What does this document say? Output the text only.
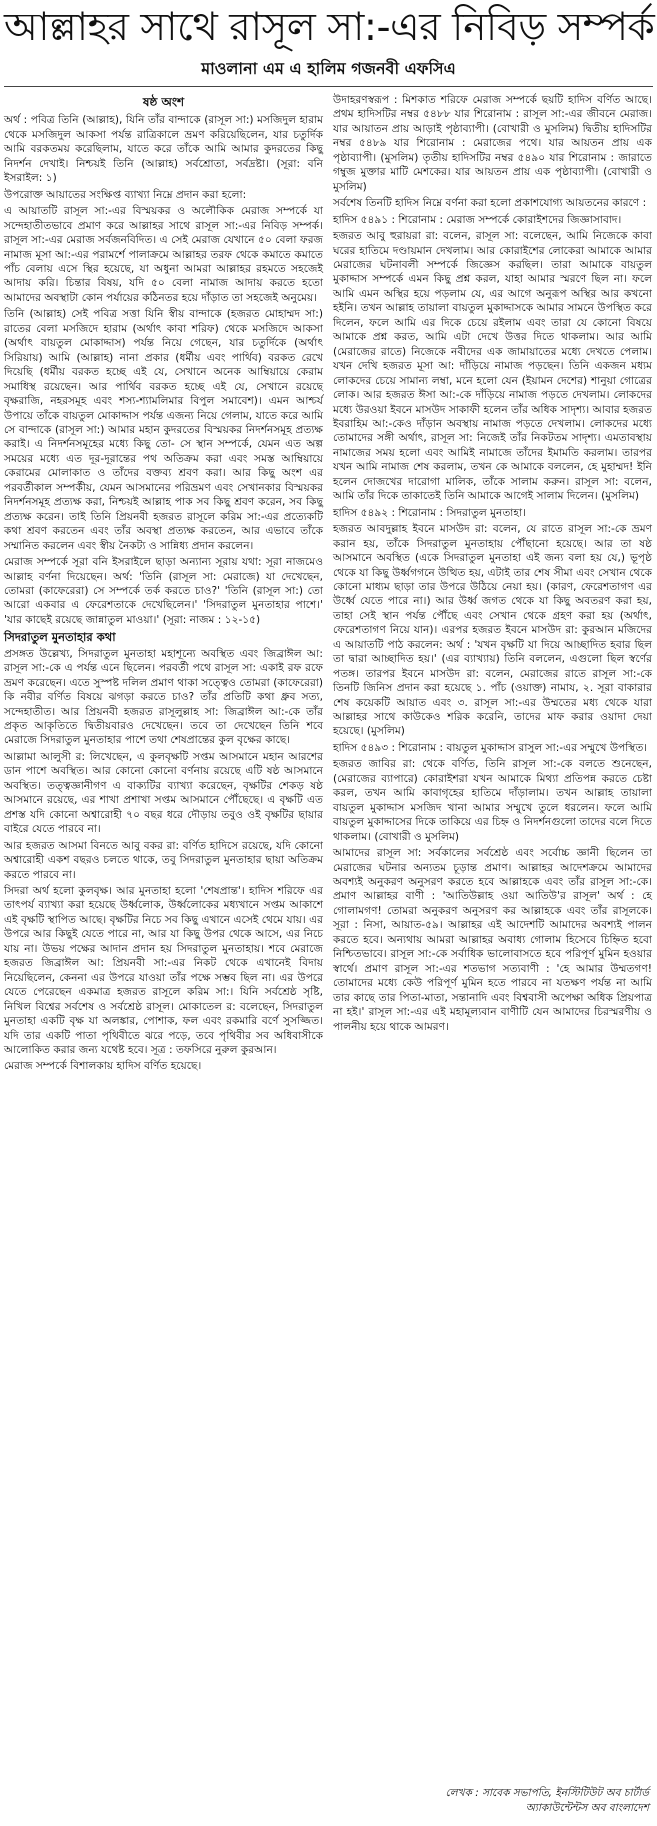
আল্লাহর সাথে রাসূল সা:-এর নিবিড় সম্পর্ক
মাওলানা এম এ হালিম গজনবী এফসিএ
ষষ্ঠ অংশ

অর্থ : পবিত্র তিনি (আল্লাহ), যিনি তাঁর বান্দাকে (রাসূল সা:) মসজিদুল হারাম থেকে মসজিদুল আকসা পর্যন্ত রাত্রিকালে ভ্রমণ করিয়েছিলেন, যার চতুর্দিক আমি বরকতময় করেছিলাম, যাতে করে তাঁকে আমি আমার কুদরতের কিছু নিদর্শন দেখাই। নিশ্চয়ই তিনি (আল্লাহ) সর্বশ্রোতা, সর্বদ্রষ্টা। (সূরা: বনি ইসরাইল: ১)

উপরোক্ত আয়াতের সংক্ষিপ্ত ব্যাখ্যা নিম্নে প্রদান করা হলো:

এ আয়াতটি রাসূল সা:-এর বিস্ময়কর ও অলৌকিক মেরাজ সম্পর্কে যা সন্দেহাতীতভাবে প্রমাণ করে আল্লাহর সাথে রাসূল সা:-এর নিবিড় সম্পর্ক। রাসূল সা:-এর মেরাজ সর্বজনবিদিত। এ সেই মেরাজ যেখানে ৫০ বেলা ফরজ নামাজ মূসা আ:-এর পরামর্শে পালাক্রমে আল্লাহর তরফ থেকে কমাতে কমাতে পাঁচ বেলায় এসে স্থির হয়েছে, যা অধুনা আমরা আল্লাহর রহমতে সহজেই আদায় করি। চিন্তার বিষয়, যদি ৫০ বেলা নামাজ আদায় করতে হতো আমাদের অবস্থাটা কোন পর্যায়ের কঠিনতর হয়ে দাঁড়াত তা সহজেই অনুমেয়।

তিনি (আল্লাহ) সেই পবিত্র সত্তা যিনি স্বীয় বান্দাকে (হজরত মোহাম্মদ সা:) রাতের বেলা মসজিদে হারাম (অর্থাৎ কাবা শরিফ) থেকে মসজিদে আকসা (অর্থাৎ বায়তুল মোকাদ্দাস) পর্যন্ত নিয়ে গেছেন, যার চতুর্দিকে (অর্থাৎ সিরিয়ায়) আমি (আল্লাহ) নানা প্রকার (ধর্মীয় এবং পার্থিব) বরকত রেখে দিয়েছি (ধর্মীয় বরকত হচ্ছে এই যে, সেখানে অনেক আম্বিয়ায়ে কেরাম সমাধিস্থ রয়েছেন। আর পার্থিব বরকত হচ্ছে এই যে, সেখানে রয়েছে বৃক্ষরাজি, নহরসমূহ এবং শস্য-শ্যামলিমার বিপুল সমাবেশ)। এমন আশ্চর্য উপায়ে তাঁকে বায়তুল মোকাদ্দাস পর্যন্ত এজন্য নিয়ে গেলাম, যাতে করে আমি সে বান্দাকে (রাসূল সা:) আমার মহান কুদরতের বিস্ময়কর নিদর্শনসমূহ প্রত্যক্ষ করাই। এ নিদর্শনসমূহের মধ্যে কিছু তো- সে স্থান সম্পর্কে, যেমন এত অল্প সময়ের মধ্যে এত দূর-দূরান্তের পথ অতিক্রম করা এবং সমস্ত আম্বিয়ায়ে কেরামের মোলাকাত ও তাঁদের বক্তব্য শ্রবণ করা। আর কিছু অংশ এর পরবর্তীকাল সম্পর্কীয়, যেমন আসমানের পরিভ্রমণ এবং সেখানকার বিস্ময়কর নিদর্শনসমূহ প্রত্যক্ষ করা, নিশ্চয়ই আল্লাহ পাক সব কিছু শ্রবণ করেন, সব কিছু প্রত্যক্ষ করেন। তাই তিনি প্রিয়নবী হজরত রাসূলে করিম সা:-এর প্রত্যেকটি কথা শ্রবণ করতেন এবং তাঁর অবস্থা প্রত্যক্ষ করতেন, আর এভাবে তাঁকে সম্মানিত করলেন এবং স্বীয় নৈকট্য ও সান্নিধ্য প্রদান করলেন।

মেরাজ সম্পর্কে সূরা বনি ইসরাইলে ছাড়া অন্যান্য সূরায় যথা: সূরা নাজমেও আল্লাহ বর্ণনা দিয়েছেন। অর্থ: 'তিনি (রাসূল সা: মেরাজে) যা দেখেছেন, তোমরা (কাফেরেরা) সে সম্পর্কে তর্ক করতে চাও?' 'তিনি (রাসূল সা:) তো আরো একবার এ ফেরেশতাকে দেখেছিলেন।' 'সিদরাতুল মুনতাহার পাশে।' 'যার কাছেই রয়েছে জান্নাতুল মাওয়া।' (সূরা: নাজম : ১২-১৫)

সিদরাতুল মুনতাহার কথা

প্রসঙ্গত উল্লেখ্য, সিদরাতুল মুনতাহা মহাশূন্যে অবস্থিত এবং জিব্রাঈল আ: রাসূল সা:-কে এ পর্যন্ত এনে ছিলেন। পরবর্তী পথে রাসূল সা: একাই রফ রফে ভ্রমণ করেছেন। এতে সুস্পষ্ট দলিল প্রমাণ থাকা সত্ত্বেও তোমরা (কাফেরেরা) কি নবীর বর্ণিত বিষয়ে ঝগড়া করতে চাও? তাঁর প্রতিটি কথা ধ্রুব সত্য, সন্দেহাতীত। আর প্রিয়নবী হজরত রাসূলুল্লাহ সা: জিব্রাঈল আ:-কে তাঁর প্রকৃত আকৃতিতে দ্বিতীয়বারও দেখেছেন। তবে তা দেখেছেন তিনি শবে মেরাজে সিদরাতুল মুনতাহার পাশে তথা শেষপ্রান্তের কুল বৃক্ষের কাছে।

আল্লামা আলুসী র: লিখেছেন, এ কুলবৃক্ষটি সপ্তম আসমানে মহান আরশের ডান পাশে অবস্থিত। আর কোনো কোনো বর্ণনায় রয়েছে এটি ষষ্ঠ আসমানে অবস্থিত। তত্ত্বজ্ঞানীগণ এ বাক্যটির ব্যাখ্যা করেছেন, বৃক্ষটির শেকড় ষষ্ঠ আসমানে রয়েছে, এর শাখা প্রশাখা সপ্তম আসমানে পৌঁছেছে। এ বৃক্ষটি এত প্রশস্ত যদি কোনো অশ্বারোহী ৭০ বছর ধরে দৌড়ায় তবুও ওই বৃক্ষটির ছায়ার বাইরে যেতে পারবে না।

আর হজরত আসমা বিনতে আবু বকর রা: বর্ণিত হাদিসে রয়েছে, যদি কোনো অশ্বারোহী একশ বছরও চলতে থাকে, তবু সিদরাতুল মুনতাহার ছায়া অতিক্রম করতে পারবে না।

সিদরা অর্থ হলো কুলবৃক্ষ। আর মুনতাহা হলো 'শেষপ্রান্ত'। হাদিস শরিফে এর তাৎপর্য ব্যাখ্যা করা হয়েছে উর্ধ্বলোক, উর্ধ্বলোকের মধ্যখানে সপ্তম আকাশে এই বৃক্ষটি স্থাপিত আছে। বৃক্ষটির নিচে সব কিছু এখানে এসেই থেমে যায়। এর উপরে আর কিছুই যেতে পারে না, আর যা কিছু উপর থেকে আসে, এর নিচে যায় না। উভয় পক্ষের আদান প্রদান হয় সিদরাতুল মুনতাহায়। শবে মেরাজে হজরত জিব্রাঈল আ: প্রিয়নবী সা:-এর নিকট থেকে এখানেই বিদায় নিয়েছিলেন, কেননা এর উপরে যাওয়া তাঁর পক্ষে সম্ভব ছিল না। এর উপরে যেতে পেরেছেন একমাত্র হজরত রাসূলে করিম সা:। যিনি সর্বশ্রেষ্ঠ সৃষ্টি, নিখিল বিশ্বের সর্বশেষ ও সর্বশ্রেষ্ঠ রাসূল। মোকাতেল র: বলেছেন, সিদরাতুল মুনতাহা একটি বৃক্ষ যা অলঙ্কার, পোশাক, ফল এবং রকমারি বর্ণে সুসজ্জিত। যদি তার একটি পাতা পৃথিবীতে ঝরে পড়ে, তবে পৃথিবীর সব অধিবাসীকে আলোকিত করার জন্য যথেষ্ট হবে। সূত্র : তফসিরে নুরুল কুরআন।

মেরাজ সম্পর্কে বিশালকায় হাদিস বর্ণিত হয়েছে।

উদাহরণস্বরূপ : মিশকাত শরিফে মেরাজ সম্পর্কে ছয়টি হাদিস বর্ণিত আছে। প্রথম হাদিসটির নম্বর ৫৪৮৮ যার শিরোনাম : রাসূল সা:-এর জীবনে মেরাজ। যার আয়াতন প্রায় আড়াই পৃষ্ঠাব্যাপী। (বোখারী ও মুসলিম) দ্বিতীয় হাদিসটির নম্বর ৫৪৮৯ যার শিরোনাম : মেরাজের পথে। যার আয়তন প্রায় এক পৃষ্ঠাব্যাপী। (মুসলিম) তৃতীয় হাদিসটির নম্বর ৫৪৯০ যার শিরোনাম : জারাতে গম্বুজ মুক্তার মাটি মেশকের। যার আয়তন প্রায় এক পৃষ্ঠাব্যাপী। (বোখারী ও মুসলিম)

সর্বশেষ তিনটি হাদিস নিম্নে বর্ণনা করা হলো প্রকাশযোগ্য আয়তনের কারণে :

হাদিস ৫৪৯১ : শিরোনাম : মেরাজ সম্পর্কে কোরাইশদের জিজ্ঞাসাবাদ।

হজরত আবু হুরায়রা রা: বলেন, রাসূল সা: বলেছেন, আমি নিজেকে কাবা ঘরের হাতিমে দণ্ডায়মান দেখলাম। আর কোরাইশের লোকেরা আমাকে আমার মেরাজের ঘটনাবলী সম্পর্কে জিজ্ঞেস করছিল। তারা আমাকে বায়তুল মুকাদ্দাস সম্পর্কে এমন কিছু প্রশ্ন করল, যাহা আমার স্মরণে ছিল না। ফলে আমি এমন অস্থির হয়ে পড়লাম যে, এর আগে অনুরূপ অস্থির আর কখনো হইনি। তখন আল্লাহ তায়ালা বায়তুল মুকাদ্দাসকে আমার সামনে উপস্থিত করে দিলেন, ফলে আমি এর দিকে চেয়ে রইলাম এবং তারা যে কোনো বিষয়ে আমাকে প্রশ্ন করত, আমি এটা দেখে উত্তর দিতে থাকলাম। আর আমি (মেরাজের রাতে) নিজেকে নবীদের এক জামায়াতের মধ্যে দেখতে পেলাম। যখন দেখি হজরত মূসা আ: দাঁড়িয়ে নামাজ পড়ছেন। তিনি একজন মধ্যম লোকদের চেয়ে সামান্য লম্বা, মনে হলো যেন (ইয়ামন দেশের) শানুয়া গোত্রের লোক। আর হজরত ঈসা আ:-কে দাঁড়িয়ে নামাজ পড়তে দেখলাম। লোকদের মধ্যে উরওয়া ইবনে মাসউদ সাকাফী হলেন তাঁর অধিক সাদৃশ্য। আবার হজরত ইবরাহিম আ:-কেও দাঁড়ান অবস্থায় নামাজ পড়তে দেখলাম। লোকদের মধ্যে তোমাদের সঙ্গী অর্থাৎ, রাসূল সা: নিজেই তাঁর নিকটতম সাদৃশ্য। এমতাবস্থায় নামাজের সময় হলো এবং আমিই নামাজে তাঁদের ইমামতি করলাম। তারপর যখন আমি নামাজ শেষ করলাম, তখন কে আমাকে বললেন, হে মুহাম্মদ! ইনি হলেন দোজখের দারোগা মালিক, তাঁকে সালাম করুন। রাসূল সা: বলেন, আমি তাঁর দিকে তাকাতেই তিনি আমাকে আগেই সালাম দিলেন। (মুসলিম)

হাদিস ৫৪৯২ : শিরোনাম : সিদরাতুল মুনতাহা।

হজরত আবদুল্লাহ ইবনে মাসউদ রা: বলেন, যে রাতে রাসূল সা:-কে ভ্রমণ করান হয়, তাঁকে সিদরাতুল মুনতাহায় পৌঁছানো হয়েছে। আর তা ষষ্ঠ আসমানে অবস্থিত (একে সিদরাতুল মুনতাহা এই জন্য বলা হয় যে,) ভূপৃষ্ঠ থেকে যা কিছু উর্ধ্বগগনে উত্থিত হয়, এটাই তার শেষ সীমা এবং সেখান থেকে কোনো মাধ্যম ছাড়া তার উপরে উঠিয়ে নেয়া হয়। (কারণ, ফেরেশতাগণ এর উর্ধ্বে যেতে পারে না।) আর উর্ধ্ব জগত থেকে যা কিছু অবতরণ করা হয়, তাহা সেই স্থান পর্যন্ত পৌঁছে এবং সেখান থেকে গ্রহণ করা হয় (অর্থাৎ, ফেরেশতাগণ নিয়ে যান)। এরপর হজরত ইবনে মাসউদ রা: কুরআন মজিদের এ আয়াতটি পাঠ করলেন: অর্থ : 'যখন বৃক্ষটি যা দিয়ে আচ্ছাদিত হবার ছিল তা দ্বারা আচ্ছাদিত হয়।' (এর ব্যাখ্যায়) তিনি বললেন, এগুলো ছিল স্বর্ণের পতঙ্গ। তারপর ইবনে মাসউদ রা: বলেন, মেরাজের রাতে রাসূল সা:-কে তিনটি জিনিস প্রদান করা হয়েছে ১. পাঁচ (ওয়াক্ত) নামায, ২. সূরা বাকারার শেষ কয়েকটি আয়াত এবং ৩. রাসূল সা:-এর উম্মতের মধ্য থেকে যারা আল্লাহর সাথে কাউকেও শরিক করেনি, তাদের মাফ করার ওয়াদা দেয়া হয়েছে। (মুসলিম)

হাদিস ৫৪৯৩ : শিরোনাম : বায়তুল মুকাদ্দাস রাসুল সা:-এর সম্মুখে উপস্থিত।

হজরত জাবির রা: থেকে বর্ণিত, তিনি রাসূল সা:-কে বলতে শুনেছেন, (মেরাজের ব্যাপারে) কোরাইশরা যখন আমাকে মিথ্যা প্রতিপন্ন করতে চেষ্টা করল, তখন আমি কাবাগৃহের হাতিমে দাঁড়ালাম। তখন আল্লাহ তায়ালা বায়তুল মুকাদ্দাস মসজিদ খানা আমার সম্মুখে তুলে ধরলেন। ফলে আমি বায়তুল মুকাদ্দাসের দিকে তাকিয়ে এর চিহ্ন ও নিদর্শনগুলো তাদের বলে দিতে থাকলাম। (বোখারী ও মুসলিম)

আমাদের রাসূল সা: সর্বকালের সর্বশ্রেষ্ঠ এবং সর্বোচ্চ জ্ঞানী ছিলেন তা মেরাজের ঘটনার অন্যতম চূড়ান্ত প্রমাণ। আল্লাহর আদেশক্রমে আমাদের অবশ্যই অনুকরণ অনুসরণ করতে হবে আল্লাহকে এবং তাঁর রাসূল সা:-কে। প্রমাণ আল্লাহর বাণী : 'আতিউল্লাহ ওয়া আতিউ'র রাসূল' অর্থ : হে গোলামগণ! তোমরা অনুকরণ অনুসরণ কর আল্লাহকে এবং তাঁর রাসূলকে। সূরা : নিসা, আয়াত-৫৯। আল্লাহর এই আদেশটি আমাদের অবশ্যই পালন করতে হবে। অন্যথায় আমরা আল্লাহর অবাধ্য গোলাম হিসেবে চিহ্নিত হবো নিশ্চিতভাবে। রাসূল সা:-কে সর্বাধিক ভালোবাসতে হবে পরিপূর্ণ মুমিন হওয়ার স্বার্থে। প্রমাণ রাসূল সা:-এর শতভাগ সত্যবাণী : 'হে আমার উম্মতগণ! তোমাদের মধ্যে কেউ পরিপূর্ণ মুমিন হতে পারবে না যতক্ষণ পর্যন্ত না আমি তার কাছে তার পিতা-মাতা, সন্তানাদি এবং বিশ্ববাসী অপেক্ষা অধিক প্রিয়পাত্র না হই।' রাসূল সা:-এর এই মহামূল্যবান বাণীটি যেন আমাদের চিরস্মরণীয় ও পালনীয় হয়ে থাকে আমরণ।

লেখক : সাবেক সভাপতি, ইনস্টিটিউট অব চার্টার্ড
অ্যাকাউন্টেন্টস অব বাংলাদেশ
